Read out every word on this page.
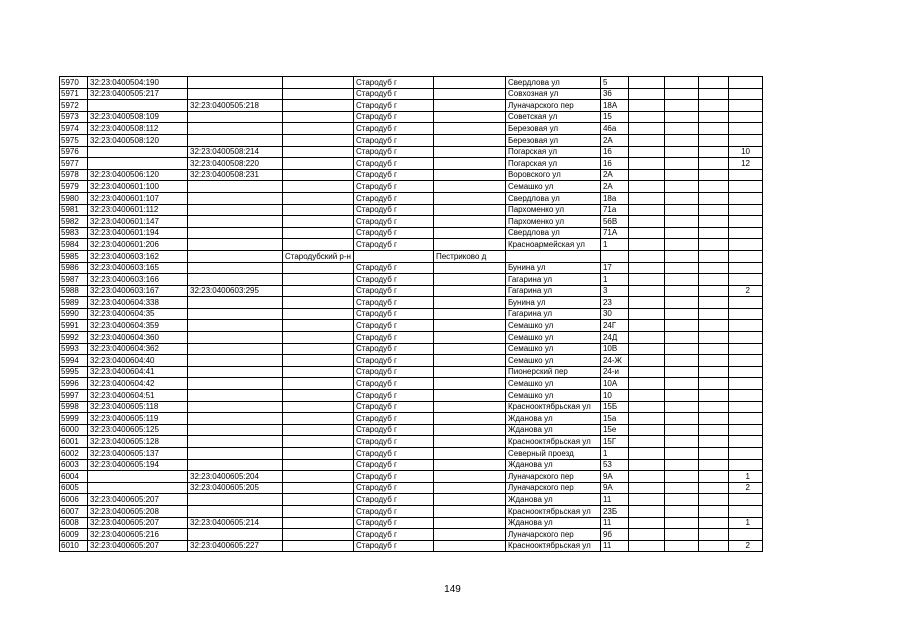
5970	32:23:0400504:190			Стародуб г		Свердлова ул	5				
5971	32:23:0400505:217			Стародуб г		Совхозная ул	36				
5972		32:23:0400505:218		Стародуб г		Луначарского пер	18А				
5973	32:23:0400508:109			Стародуб г		Советская ул	15				
5974	32:23:0400508:112			Стародуб г		Березовая ул	46а				
5975	32:23:0400508:120			Стародуб г		Березовая ул	2А				
5976		32:23:0400508:214		Стародуб г		Погарская ул	16				10
5977		32:23:0400508:220		Стародуб г		Погарская ул	16				12
5978	32:23:0400506:120	32:23:0400508:231		Стародуб г		Воровского ул	2А				
5979	32:23:0400601:100			Стародуб г		Семашко ул	2А				
5980	32:23:0400601:107			Стародуб г		Свердлова ул	18а				
5981	32:23:0400601:112			Стародуб г		Пархоменко ул	71а				
5982	32:23:0400601:147			Стародуб г		Пархоменко ул	56В				
5983	32:23:0400601:194			Стародуб г		Свердлова ул	71А				
5984	32:23:0400601:206			Стародуб г		Красноармейская ул	1				
5985	32:23:0400603:162		Стародубский р-н		Пестриково д						
5986	32:23:0400603:165			Стародуб г		Бунина ул	17				
5987	32:23:0400603:166			Стародуб г		Гагарина ул	1				
5988	32:23:0400603:167	32:23:0400603:295		Стародуб г		Гагарина ул	3				2
5989	32:23:0400604:338			Стародуб г		Бунина ул	23				
5990	32:23:0400604:35			Стародуб г		Гагарина ул	30				
5991	32:23:0400604:359			Стародуб г		Семашко ул	24Г				
5992	32:23:0400604:360			Стародуб г		Семашко ул	24Д				
5993	32:23:0400604:362			Стародуб г		Семашко ул	10В				
5994	32:23:0400604:40			Стародуб г		Семашко ул	24-Ж				
5995	32:23:0400604:41			Стародуб г		Пионерский пер	24-и				
5996	32:23:0400604:42			Стародуб г		Семашко ул	10А				
5997	32:23:0400604:51			Стародуб г		Семашко ул	10				
5998	32:23:0400605:118			Стародуб г		Краснооктябрьская ул	15Б				
5999	32:23:0400605:119			Стародуб г		Жданова ул	15а				
6000	32:23:0400605:125			Стародуб г		Жданова ул	15е				
6001	32:23:0400605:128			Стародуб г		Краснооктябрьская ул	15Г				
6002	32:23:0400605:137			Стародуб г		Северный проезд	1				
6003	32:23:0400605:194			Стародуб г		Жданова ул	53				
6004		32:23:0400605:204		Стародуб г		Луначарского пер	9А				1
6005		32:23:0400605:205		Стародуб г		Луначарского пер	9А				2
6006	32:23:0400605:207			Стародуб г		Жданова ул	11				
6007	32:23:0400605:208			Стародуб г		Краснооктябрьская ул	23Б				
6008	32:23:0400605:207	32:23:0400605:214		Стародуб г		Жданова ул	11				1
6009	32:23:0400605:216			Стародуб г		Луначарского пер	9б				
6010	32:23:0400605:207	32:23:0400605:227		Стародуб г		Краснооктябрьская ул	11				2
149
